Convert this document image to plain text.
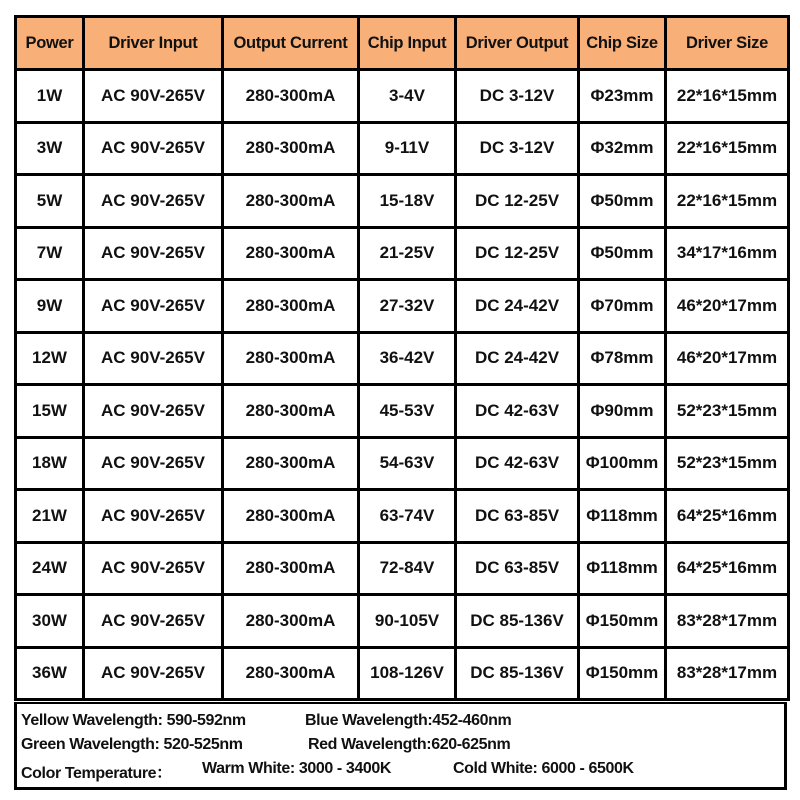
Power	Driver Input	Output Current	Chip Input	Driver Output	Chip Size	Driver Size
1W	AC 90V-265V	280-300mA	3-4V	DC 3-12V	Φ23mm	22*16*15mm
3W	AC 90V-265V	280-300mA	9-11V	DC 3-12V	Φ32mm	22*16*15mm
5W	AC 90V-265V	280-300mA	15-18V	DC 12-25V	Φ50mm	22*16*15mm
7W	AC 90V-265V	280-300mA	21-25V	DC 12-25V	Φ50mm	34*17*16mm
9W	AC 90V-265V	280-300mA	27-32V	DC 24-42V	Φ70mm	46*20*17mm
12W	AC 90V-265V	280-300mA	36-42V	DC 24-42V	Φ78mm	46*20*17mm
15W	AC 90V-265V	280-300mA	45-53V	DC 42-63V	Φ90mm	52*23*15mm
18W	AC 90V-265V	280-300mA	54-63V	DC 42-63V	Φ100mm	52*23*15mm
21W	AC 90V-265V	280-300mA	63-74V	DC 63-85V	Φ118mm	64*25*16mm
24W	AC 90V-265V	280-300mA	72-84V	DC 63-85V	Φ118mm	64*25*16mm
30W	AC 90V-265V	280-300mA	90-105V	DC 85-136V	Φ150mm	83*28*17mm
36W	AC 90V-265V	280-300mA	108-126V	DC 85-136V	Φ150mm	83*28*17mm
Yellow Wavelength: 590-592nm	Blue Wavelength:452-460nm
Green Wavelength: 520-525nm	Red Wavelength:620-625nm
Color Temperature： Warm White: 3000 - 3400K	Cold White: 6000 - 6500K
